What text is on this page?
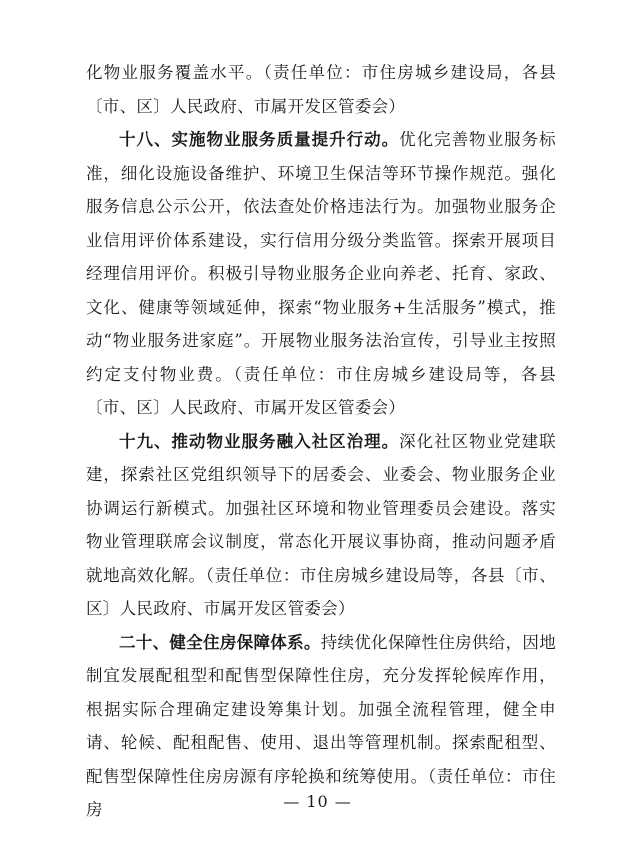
化物业服务覆盖水平。（责任单位：市住房城乡建设局，各县〔市、区〕人民政府、市属开发区管委会）

十八、实施物业服务质量提升行动。优化完善物业服务标准，细化设施设备维护、环境卫生保洁等环节操作规范。强化服务信息公示公开，依法查处价格违法行为。加强物业服务企业信用评价体系建设，实行信用分级分类监管。探索开展项目经理信用评价。积极引导物业服务企业向养老、托育、家政、文化、健康等领域延伸，探索“物业服务+生活服务”模式，推动“物业服务进家庭”。开展物业服务法治宣传，引导业主按照约定支付物业费。（责任单位：市住房城乡建设局等，各县〔市、区〕人民政府、市属开发区管委会）

十九、推动物业服务融入社区治理。深化社区物业党建联建，探索社区党组织领导下的居委会、业委会、物业服务企业协调运行新模式。加强社区环境和物业管理委员会建设。落实物业管理联席会议制度，常态化开展议事协商，推动问题矛盾就地高效化解。（责任单位：市住房城乡建设局等，各县〔市、区〕人民政府、市属开发区管委会）

二十、健全住房保障体系。持续优化保障性住房供给，因地制宜发展配租型和配售型保障性住房，充分发挥轮候库作用，根据实际合理确定建设筹集计划。加强全流程管理，健全申请、轮候、配租配售、使用、退出等管理机制。探索配租型、配售型保障性住房房源有序轮换和统筹使用。（责任单位：市住房	— 10 —
